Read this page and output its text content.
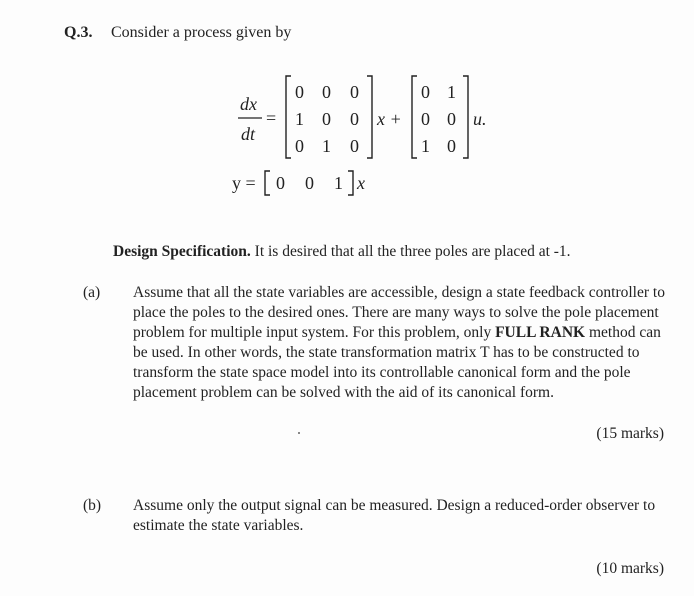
Q.3. Consider a process given by
dx
dt
=
0 0 0
1 0 0
0 1 0
x +
0 1
0 0
1 0
u.
y = 0 0 1 x
Design Specification. It is desired that all the three poles are placed at -1.

(a) Assume that all the state variables are accessible, design a state feedback controller to place the poles to the desired ones. There are many ways to solve the pole placement problem for multiple input system. For this problem, only FULL RANK method can be used. In other words, the state transformation matrix T has to be constructed to transform the state space model into its controllable canonical form and the pole placement problem can be solved with the aid of its canonical form.

(15 marks)

(b) Assume only the output signal can be measured. Design a reduced-order observer to estimate the state variables.

(10 marks)
